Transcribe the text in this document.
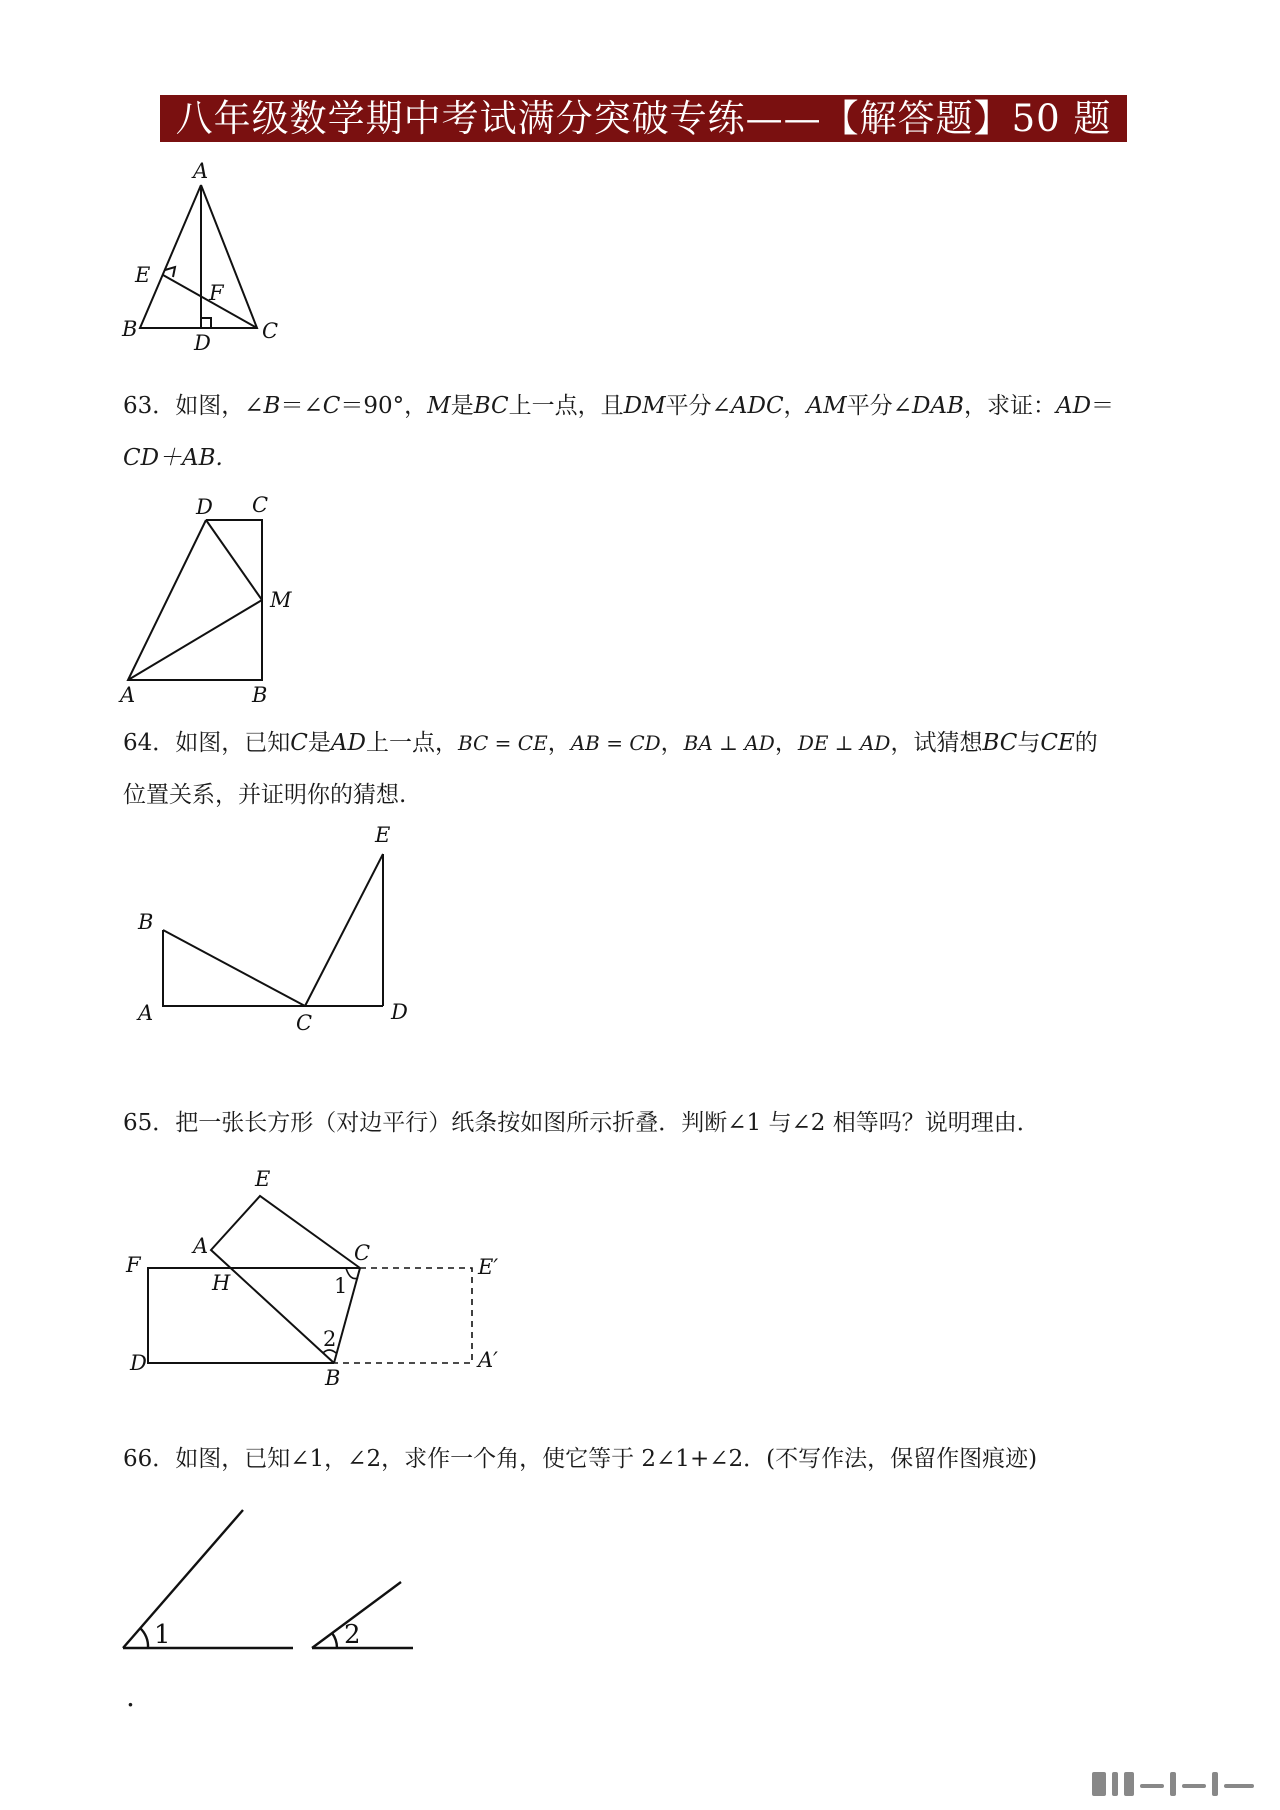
八年级数学期中考试满分突破专练——【解答题】50 题
A
B	C
D
E
F
63．如图，∠B＝∠C＝90°，M是BC上一点，且DM平分∠ADC，AM平分∠DAB，求证：AD＝
CD＋AB.
D C
M
A	B
64．如图，已知C是AD上一点，BC = CE，AB = CD，BA ⊥ AD，DE ⊥ AD，试猜想BC与CE的
位置关系，并证明你的猜想.
B
A	C	D
E
65．把一张长方形（对边平行）纸条按如图所示折叠．判断∠1 与∠2 相等吗？说明理由．
E
A	C
F
H
D
B
E′
A′
1
2
66．如图，已知∠1，∠2，求作一个角，使它等于 2∠1+∠2．(不写作法，保留作图痕迹)
1	2
.
